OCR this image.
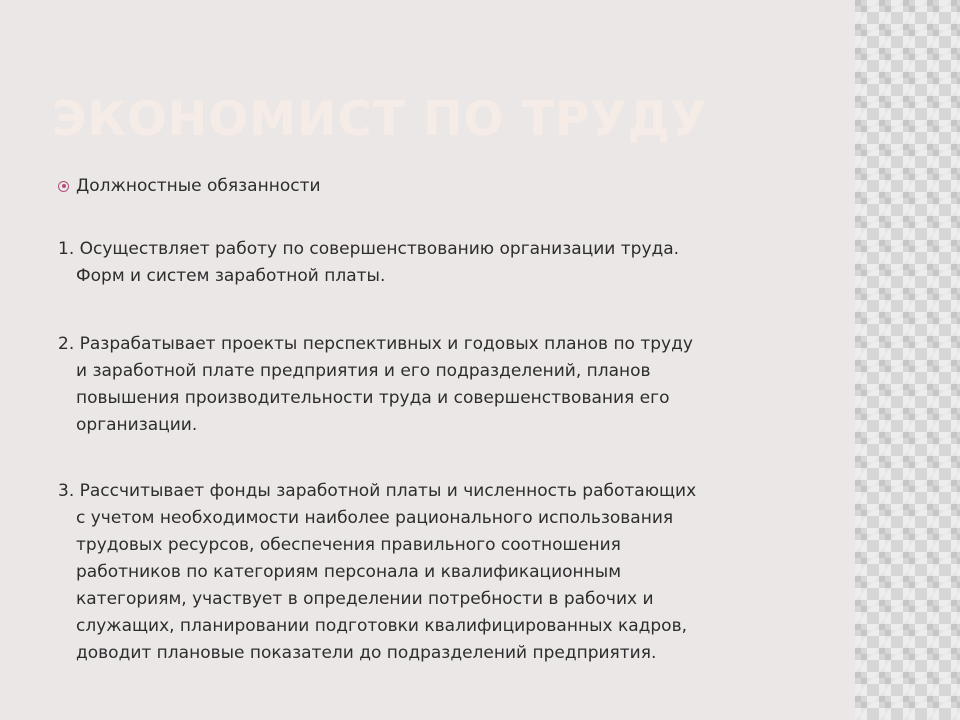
ЭКОНОМИСТ ПО ТРУДУ
Должностные обязанности

1. Осуществляет работу по совершенствованию организации труда.
Форм и систем заработной платы.

2. Разрабатывает проекты перспективных и годовых планов по труду
и заработной плате предприятия и его подразделений, планов
повышения производительности труда и совершенствования его
организации.

3. Рассчитывает фонды заработной платы и численность работающих
с учетом необходимости наиболее рационального использования
трудовых ресурсов, обеспечения правильного соотношения
работников по категориям персонала и квалификационным
категориям, участвует в определении потребности в рабочих и
служащих, планировании подготовки квалифицированных кадров,
доводит плановые показатели до подразделений предприятия.
